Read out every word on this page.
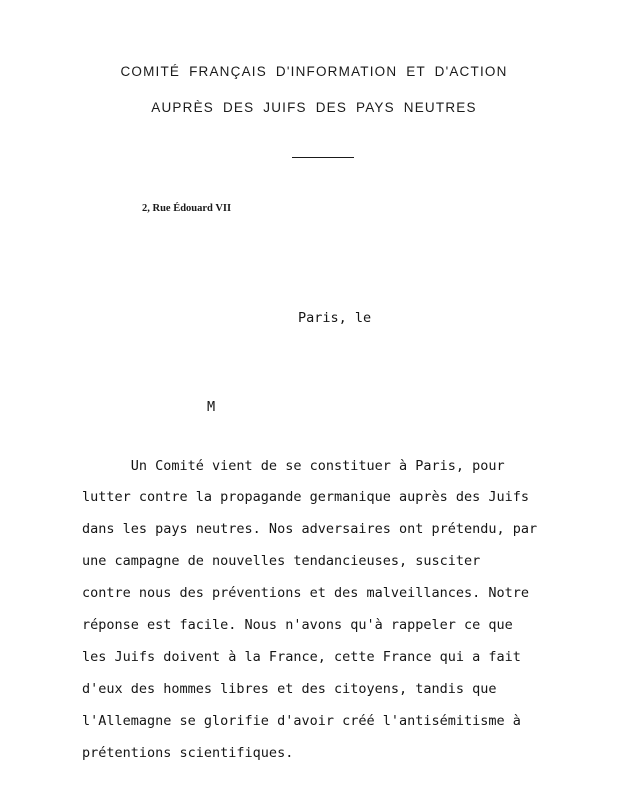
COMITÉ FRANÇAIS D'INFORMATION ET D'ACTION
AUPRÈS DES JUIFS DES PAYS NEUTRES
2, Rue Édouard VII
Paris, le
M
Un Comité vient de se constituer à Paris, pour
lutter contre la propagande germanique auprès des Juifs
dans les pays neutres. Nos adversaires ont prétendu, par
une campagne de nouvelles tendancieuses, susciter
contre nous des préventions et des malveillances. Notre
réponse est facile. Nous n'avons qu'à rappeler ce que
les Juifs doivent à la France, cette France qui a fait
d'eux des hommes libres et des citoyens, tandis que
l'Allemagne se glorifie d'avoir créé l'antisémitisme à
prétentions scientifiques.
